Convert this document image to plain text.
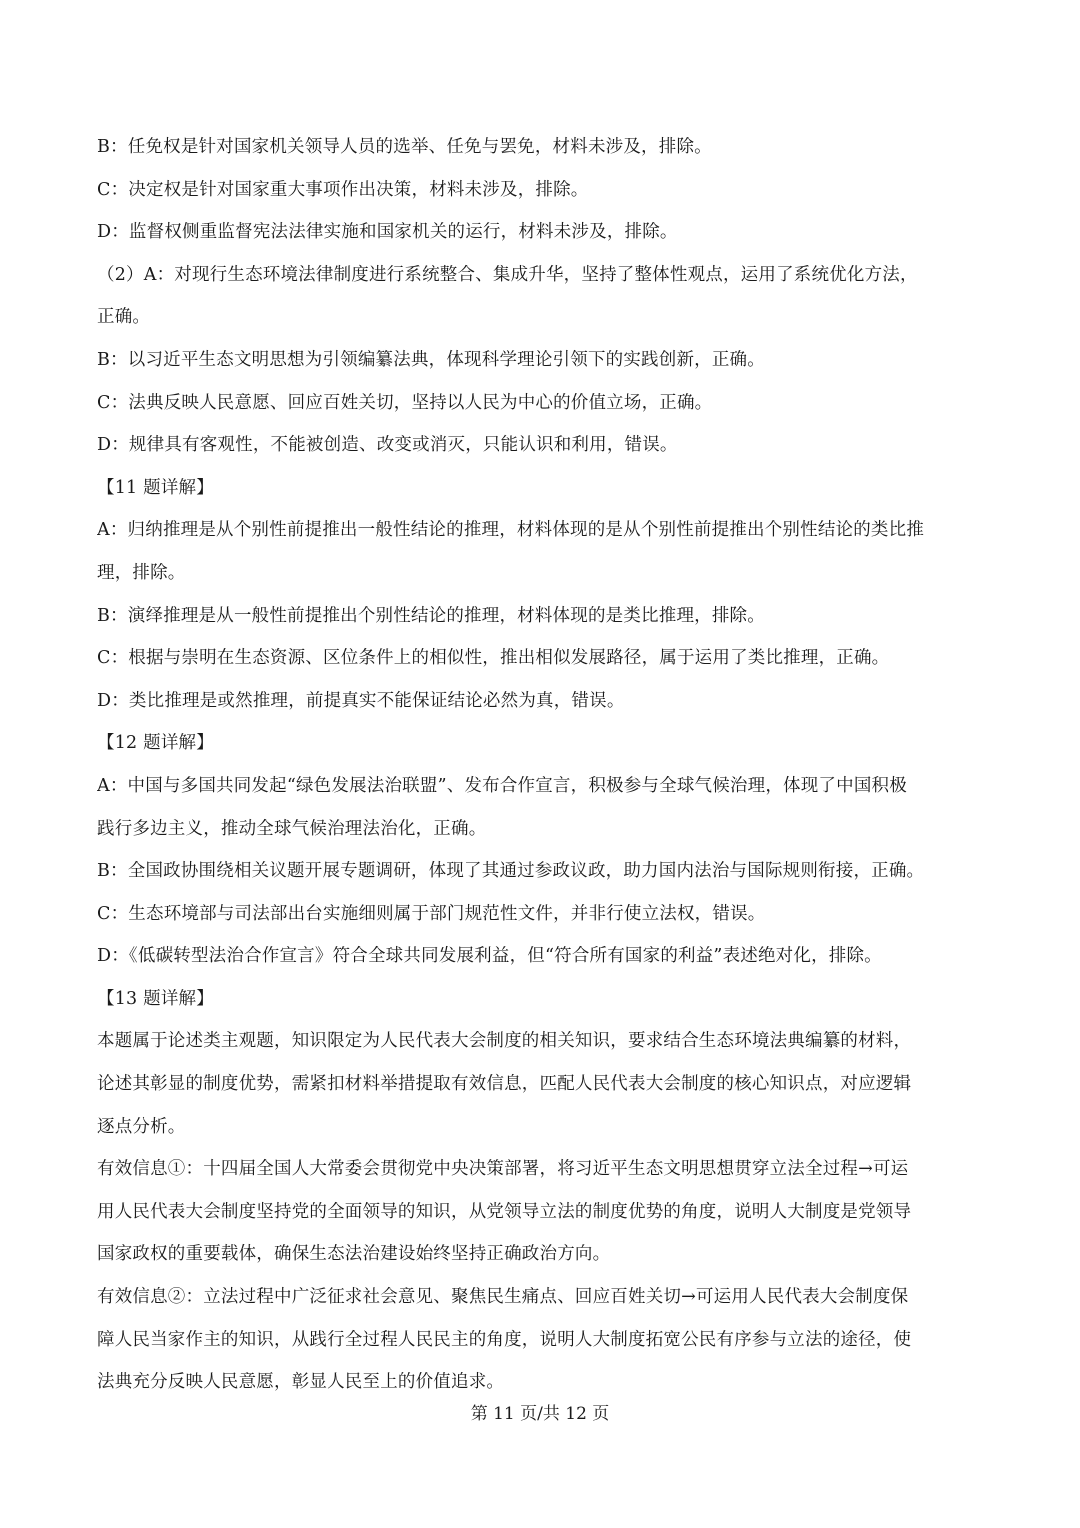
B：任免权是针对国家机关领导人员的选举、任免与罢免，材料未涉及，排除。
C：决定权是针对国家重大事项作出决策，材料未涉及，排除。
D：监督权侧重监督宪法法律实施和国家机关的运行，材料未涉及，排除。
（2）A：对现行生态环境法律制度进行系统整合、集成升华，坚持了整体性观点，运用了系统优化方法，
正确。
B：以习近平生态文明思想为引领编纂法典，体现科学理论引领下的实践创新，正确。
C：法典反映人民意愿、回应百姓关切，坚持以人民为中心的价值立场，正确。
D：规律具有客观性，不能被创造、改变或消灭，只能认识和利用，错误。
【11 题详解】
A：归纳推理是从个别性前提推出一般性结论的推理，材料体现的是从个别性前提推出个别性结论的类比推
理，排除。
B：演绎推理是从一般性前提推出个别性结论的推理，材料体现的是类比推理，排除。
C：根据与崇明在生态资源、区位条件上的相似性，推出相似发展路径，属于运用了类比推理，正确。
D：类比推理是或然推理，前提真实不能保证结论必然为真，错误。
【12 题详解】
A：中国与多国共同发起“绿色发展法治联盟”、发布合作宣言，积极参与全球气候治理，体现了中国积极
践行多边主义，推动全球气候治理法治化，正确。
B：全国政协围绕相关议题开展专题调研，体现了其通过参政议政，助力国内法治与国际规则衔接，正确。
C：生态环境部与司法部出台实施细则属于部门规范性文件，并非行使立法权，错误。
D：《低碳转型法治合作宣言》符合全球共同发展利益，但“符合所有国家的利益”表述绝对化，排除。
【13 题详解】
本题属于论述类主观题，知识限定为人民代表大会制度的相关知识，要求结合生态环境法典编纂的材料，
论述其彰显的制度优势，需紧扣材料举措提取有效信息，匹配人民代表大会制度的核心知识点，对应逻辑
逐点分析。
有效信息①：十四届全国人大常委会贯彻党中央决策部署，将习近平生态文明思想贯穿立法全过程→可运
用人民代表大会制度坚持党的全面领导的知识，从党领导立法的制度优势的角度，说明人大制度是党领导
国家政权的重要载体，确保生态法治建设始终坚持正确政治方向。
有效信息②：立法过程中广泛征求社会意见、聚焦民生痛点、回应百姓关切→可运用人民代表大会制度保
障人民当家作主的知识，从践行全过程人民民主的角度，说明人大制度拓宽公民有序参与立法的途径，使
法典充分反映人民意愿，彰显人民至上的价值追求。
第 11 页/共 12 页
